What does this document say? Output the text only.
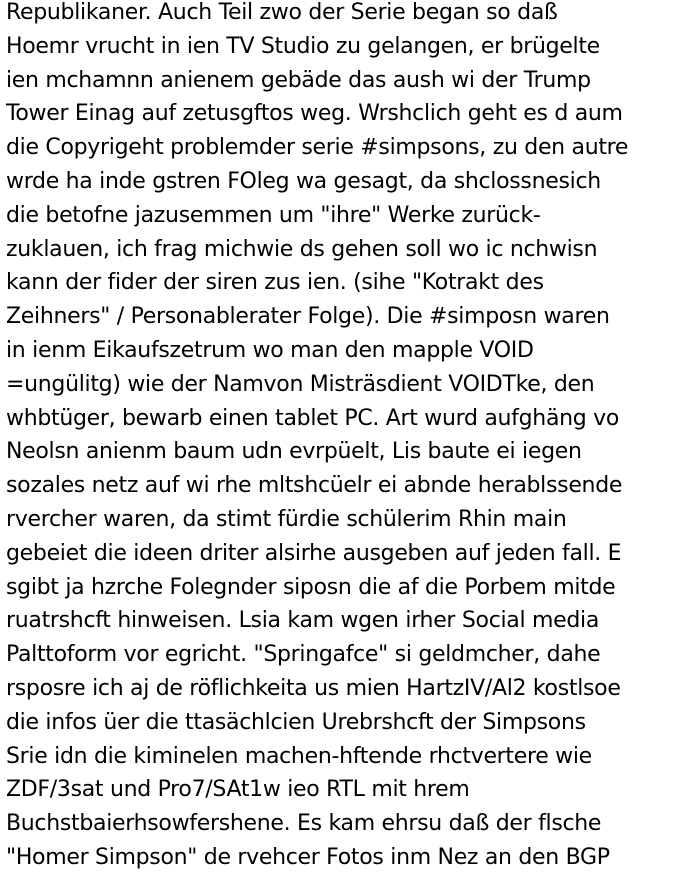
Republikaner. Auch Teil zwo der Serie began so daß
Hoemr vrucht in ien TV Studio zu gelangen, er brügelte
ien mchamnn anienem gebäde das aush wi der Trump
Tower Einag auf zetusgftos weg. Wrshclich geht es d aum
die Copyrigeht problemder serie #simpsons, zu den autre
wrde ha inde gstren FOleg wa gesagt, da shclossnesich
die betofne jazusemmen um "ihre" Werke zurück-
zuklauen, ich frag michwie ds gehen soll wo ic nchwisn
kann der fider der siren zus ien. (sihe "Kotrakt des
Zeihners" / Personablerater Folge). Die #simposn waren
in ienm Eikaufszetrum wo man den mapple VOID
=ungülitg) wie der Namvon Misträsdient VOIDTke, den
whbtüger, bewarb einen tablet PC. Art wurd aufghäng vo
Neolsn anienm baum udn evrpüelt, Lis baute ei iegen
sozales netz auf wi rhe mltshcüelr ei abnde herablssende
rvercher waren, da stimt fürdie schülerim Rhin main
gebeiet die ideen driter alsirhe ausgeben auf jeden fall. E
sgibt ja hzrche Folegnder siposn die af die Porbem mitde
ruatrshcft hinweisen. Lsia kam wgen irher Social media
Palttoform vor egricht. "Springafce" si geldmcher, dahe
rsposre ich aj de röflichkeita us mien HartzIV/Al2 kostlsoe
die infos üer die ttasächlcien Urebrshcft der Simpsons
Srie idn die kiminelen machen-hftende rhctvertere wie
ZDF/3sat und Pro7/SAt1w ieo RTL mit hrem
Buchstbaierhsowfershene. Es kam ehrsu daß der flsche
"Homer Simpson" de rvehcer Fotos inm Nez an den BGP
